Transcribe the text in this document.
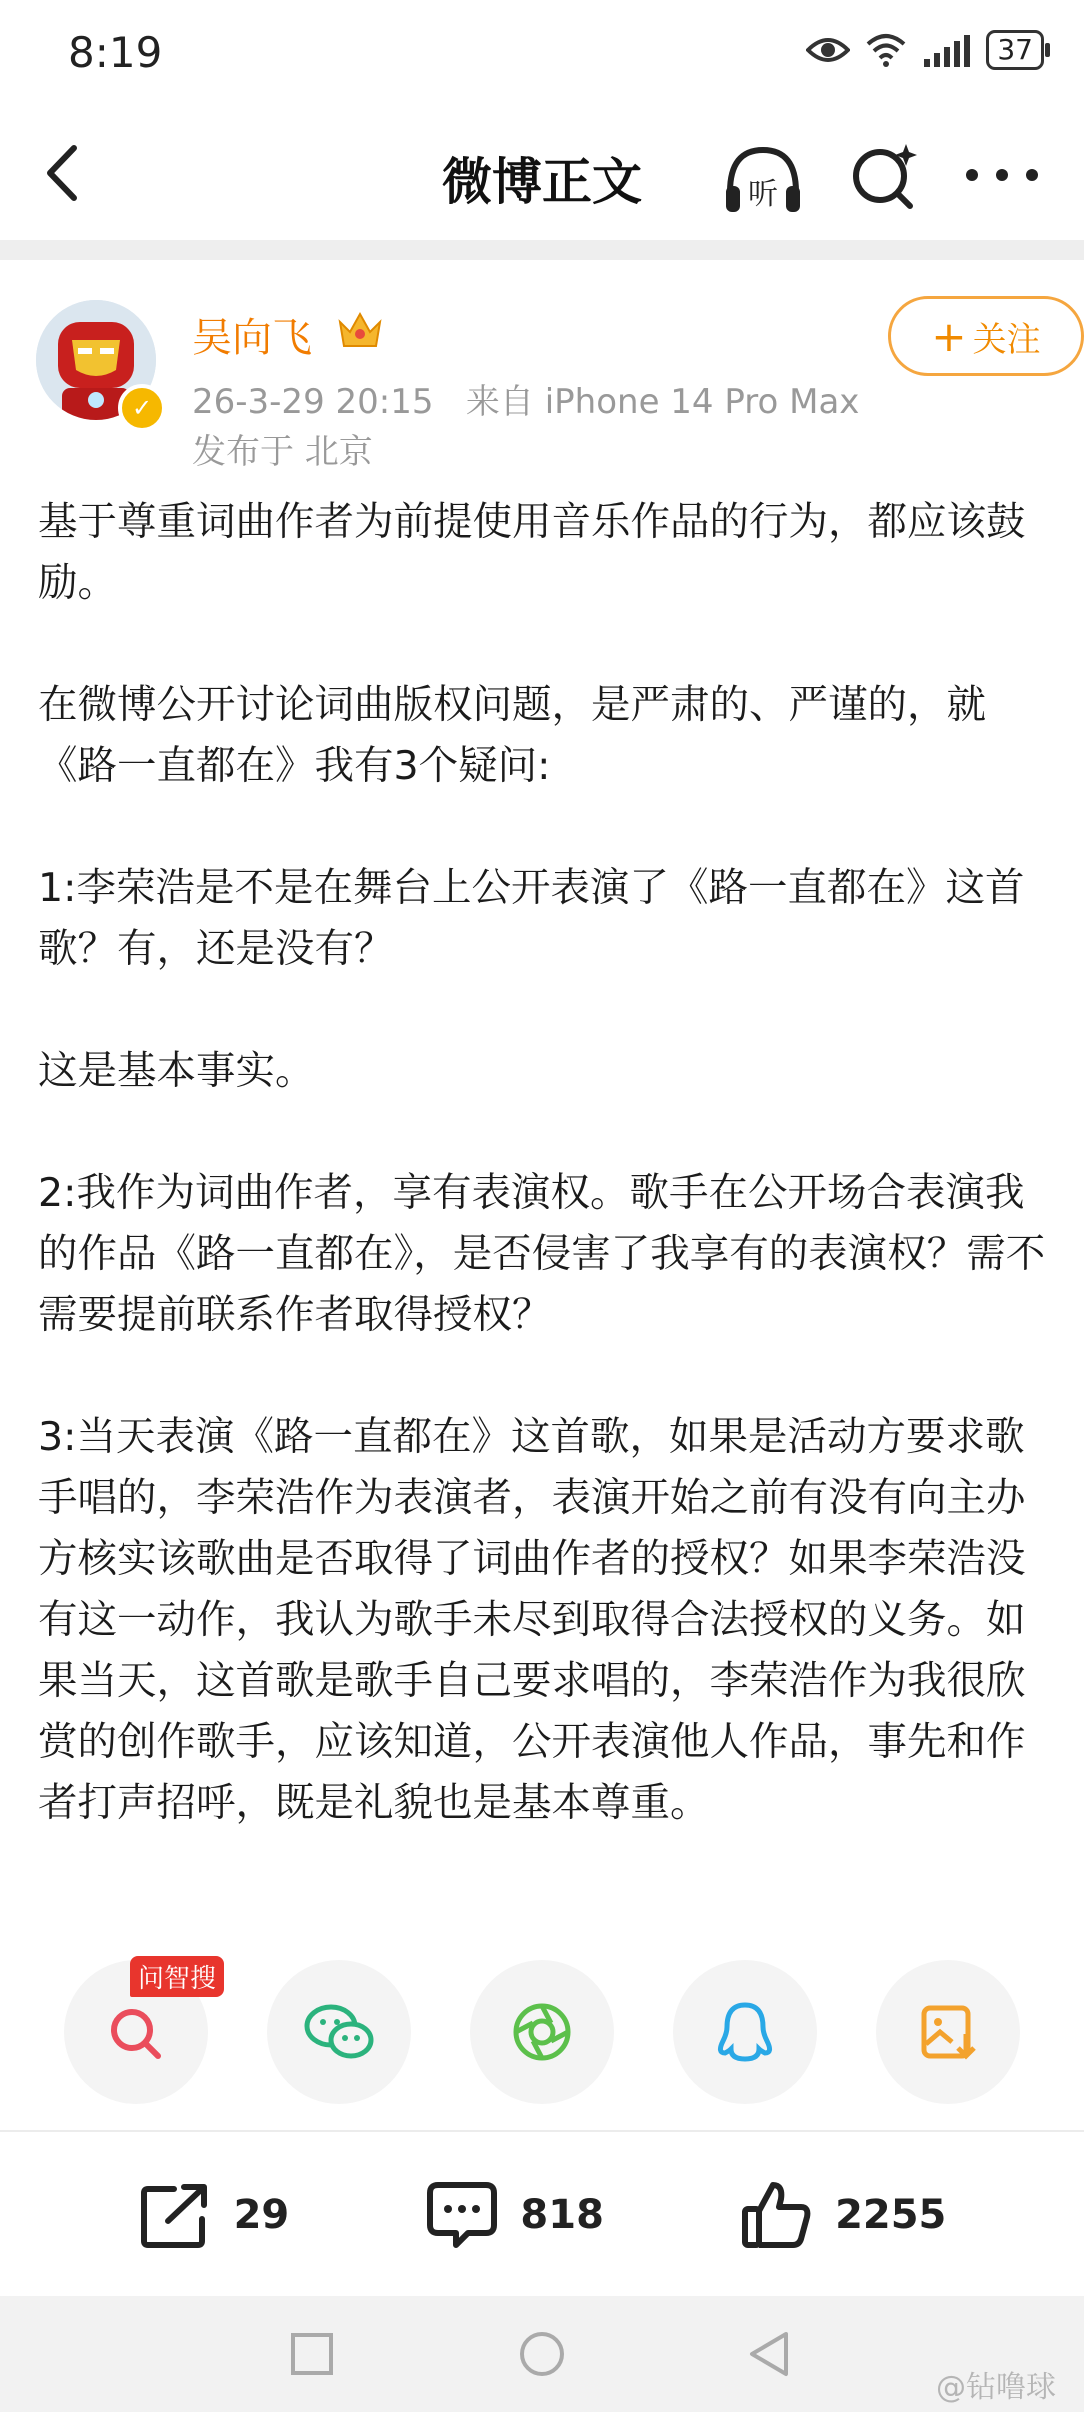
8:19	37
微博正文	听
✓
吴向飞
26-3-29 20:15   来自 iPhone 14 Pro Max
发布于 北京
+ 关注

基于尊重词曲作者为前提使用音乐作品的行为，都应该鼓励。

在微博公开讨论词曲版权问题，是严肃的、严谨的，就《路一直都在》我有3个疑问:

1:李荣浩是不是在舞台上公开表演了《路一直都在》这首歌？有，还是没有？

这是基本事实。

2:我作为词曲作者，享有表演权。歌手在公开场合表演我的作品《路一直都在》，是否侵害了我享有的表演权？需不需要提前联系作者取得授权？

3:当天表演《路一直都在》这首歌，如果是活动方要求歌手唱的，李荣浩作为表演者，表演开始之前有没有向主办方核实该歌曲是否取得了词曲作者的授权？如果李荣浩没有这一动作，我认为歌手未尽到取得合法授权的义务。如果当天，这首歌是歌手自己要求唱的，李荣浩作为我很欣赏的创作歌手，应该知道，公开表演他人作品，事先和作者打声招呼，既是礼貌也是基本尊重。

问智搜
29	818	2255
@钻噜球
